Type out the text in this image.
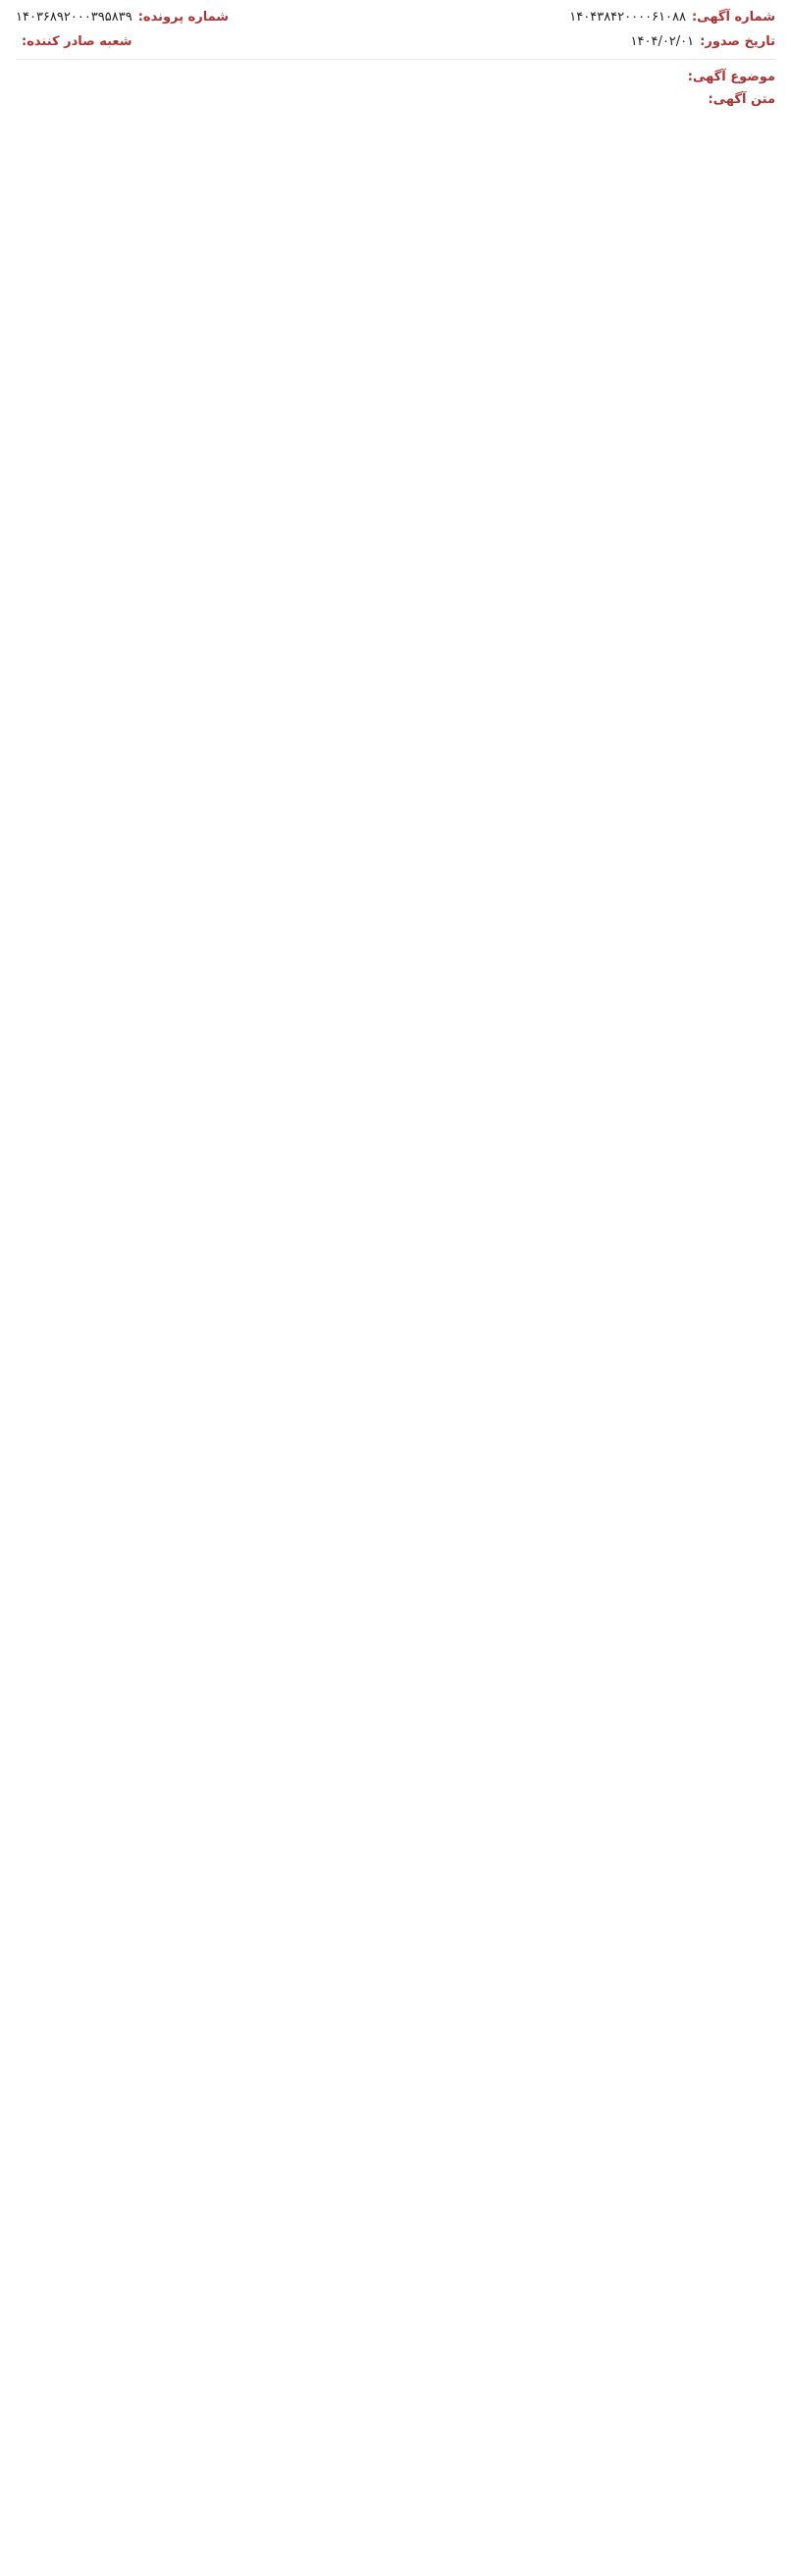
شماره آگهی:
۱۴۰۴۳۸۴۲۰۰۰۰۶۱۰۸۸
شماره پرونده:
۱۴۰۳۶۸۹۲۰۰۰۳۹۵۸۳۹
تاریخ صدور:
۱۴۰۴/۰۲/۰۱
شعبه صادر کننده:
موضوع آگهی:
متن آگهی:
